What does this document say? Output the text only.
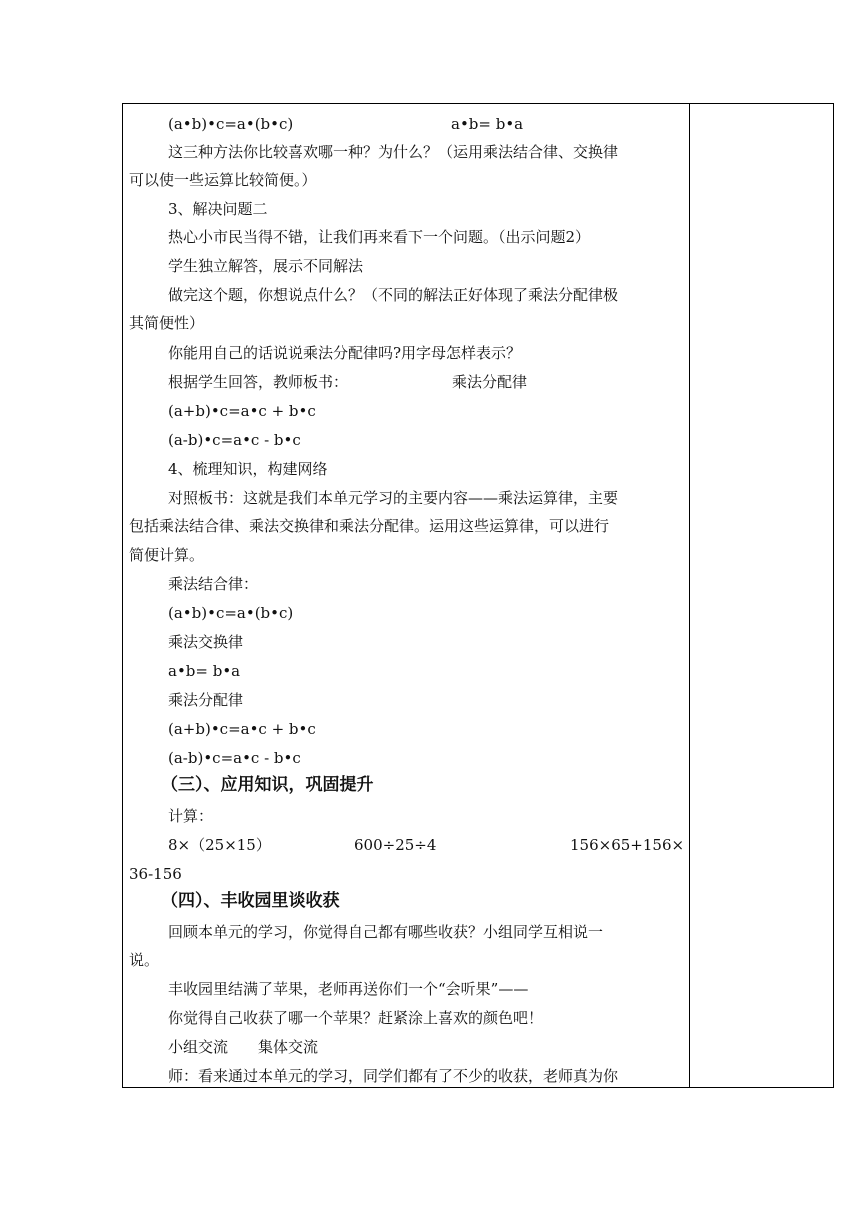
(a•b)•c=a•(b•c)	a•b= b•a
这三种方法你比较喜欢哪一种？为什么？（运用乘法结合律、交换律
可以使一些运算比较简便。）
3、解决问题二
热心小市民当得不错，让我们再来看下一个问题。（出示问题2）
学生独立解答，展示不同解法
做完这个题，你想说点什么？（不同的解法正好体现了乘法分配律极
其简便性）
你能用自己的话说说乘法分配律吗?用字母怎样表示？
根据学生回答，教师板书：	乘法分配律
(a+b)•c=a•c + b•c
(a-b)•c=a•c - b•c
4、梳理知识，构建网络
对照板书：这就是我们本单元学习的主要内容——乘法运算律，主要
包括乘法结合律、乘法交换律和乘法分配律。运用这些运算律，可以进行
简便计算。
乘法结合律：
(a•b)•c=a•(b•c)
乘法交换律
a•b= b•a
乘法分配律
(a+b)•c=a•c + b•c
(a-b)•c=a•c - b•c
（三）、应用知识，巩固提升
计算：
8×（25×15）	600÷25÷4	156×65+156×
36-156
（四）、丰收园里谈收获
回顾本单元的学习，你觉得自己都有哪些收获？小组同学互相说一
说。
丰收园里结满了苹果，老师再送你们一个“会听果”——
你觉得自己收获了哪一个苹果？赶紧涂上喜欢的颜色吧！
小组交流　　集体交流
师：看来通过本单元的学习，同学们都有了不少的收获，老师真为你
